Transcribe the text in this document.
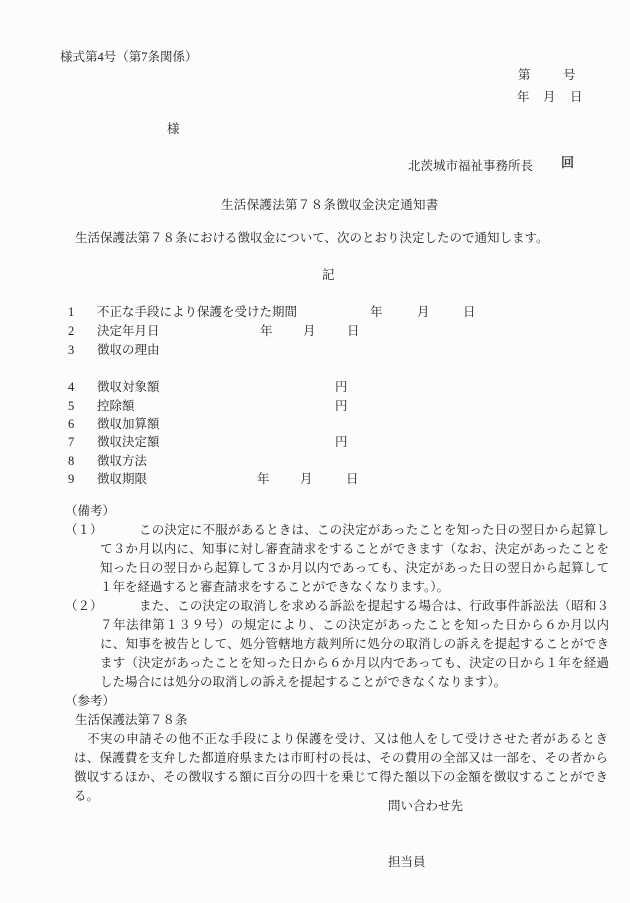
様式第4号（第7条関係）
第	号
年 月 日
様
北茨城市福祉事務所長 回
生活保護法第７８条徴収金決定通知書
生活保護法第７８条における徴収金について、次のとおり決定したので通知します。
記
1 不正な手段により保護を受けた期間	年	月	日
2 決定年月日	年 月	日
3 徴収の理由
4 徴収対象額	円
5 控除額	円
6 徴収加算額
7 徴収決定額	円
8 徴収方法
9 徴収期限	年 月	日
（備考）
（１）	この決定に不服があるときは、この決定があったことを知った日の翌日から起算して３か月以内に、知事に対し審査請求をすることができます（なお、決定があったことを知った日の翌日から起算して３か月以内であっても、決定があった日の翌日から起算して１年を経過すると審査請求をすることができなくなります。）。
（２）	また、この決定の取消しを求める訴訟を提起する場合は、行政事件訴訟法（昭和３７年法律第１３９号）の規定により、この決定があったことを知った日から６か月以内に、知事を被告として、処分管轄地方裁判所に処分の取消しの訴えを提起することができます（決定があったことを知った日から６か月以内であっても、決定の日から１年を経過した場合には処分の取消しの訴えを提起することができなくなります）。
（参考）
生活保護法第７８条
不実の申請その他不正な手段により保護を受け、又は他人をして受けさせた者があるときは、保護費を支弁した都道府県または市町村の長は、その費用の全部又は一部を、その者から徴収するほか、その徴収する額に百分の四十を乗じて得た額以下の金額を徴収することができる。
問い合わせ先
担当員
